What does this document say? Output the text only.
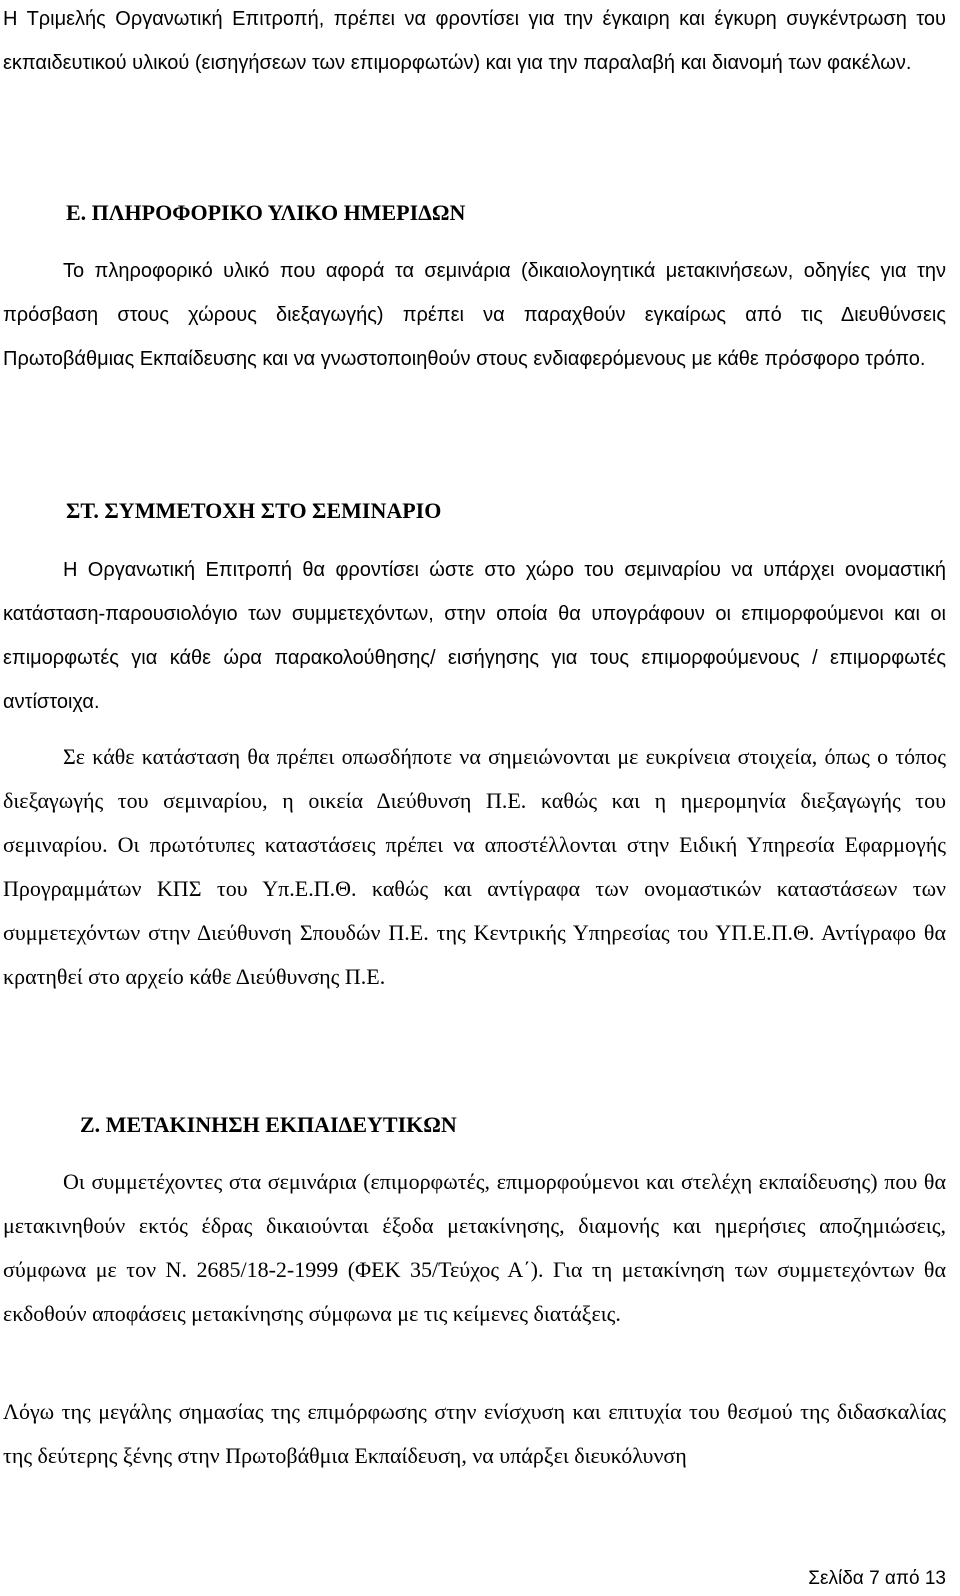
Η Τριμελής Οργανωτική Επιτροπή, πρέπει να φροντίσει για την έγκαιρη και έγκυρη συγκέντρωση του εκπαιδευτικού υλικού (εισηγήσεων των επιμορφωτών) και για την παραλαβή και διανομή των φακέλων.

Ε. ΠΛΗΡΟΦΟΡΙΚΟ ΥΛΙΚΟ ΗΜΕΡΙΔΩΝ

Το πληροφορικό υλικό που αφορά τα σεμινάρια (δικαιολογητικά μετακινήσεων, οδηγίες για την πρόσβαση στους χώρους διεξαγωγής) πρέπει να παραχθούν εγκαίρως από τις Διευθύνσεις Πρωτοβάθμιας Εκπαίδευσης και να γνωστοποιηθούν στους ενδιαφερόμενους με κάθε πρόσφορο τρόπο.

ΣΤ. ΣΥΜΜΕΤΟΧΗ ΣΤΟ ΣΕΜΙΝΑΡΙΟ

Η Οργανωτική Επιτροπή θα φροντίσει ώστε στο χώρο του σεμιναρίου να υπάρχει ονομαστική κατάσταση-παρουσιολόγιο των συμμετεχόντων, στην οποία θα υπογράφουν οι επιμορφούμενοι και οι επιμορφωτές για κάθε ώρα παρακολούθησης/ εισήγησης για τους επιμορφούμενους / επιμορφωτές αντίστοιχα.

Σε κάθε κατάσταση θα πρέπει οπωσδήποτε να σημειώνονται με ευκρίνεια στοιχεία, όπως ο τόπος διεξαγωγής του σεμιναρίου, η οικεία Διεύθυνση Π.Ε. καθώς και η ημερομηνία διεξαγωγής του σεμιναρίου. Οι πρωτότυπες καταστάσεις πρέπει να αποστέλλονται στην Ειδική Υπηρεσία Εφαρμογής Προγραμμάτων ΚΠΣ του Υπ.Ε.Π.Θ. καθώς και αντίγραφα των ονομαστικών καταστάσεων των συμμετεχόντων στην Διεύθυνση Σπουδών Π.Ε. της Κεντρικής Υπηρεσίας του ΥΠ.Ε.Π.Θ. Αντίγραφο θα κρατηθεί στο αρχείο κάθε Διεύθυνσης Π.Ε.

Ζ. ΜΕΤΑΚΙΝΗΣΗ ΕΚΠΑΙΔΕΥΤΙΚΩΝ

Οι συμμετέχοντες στα σεμινάρια (επιμορφωτές, επιμορφούμενοι και στελέχη εκπαίδευσης) που θα μετακινηθούν εκτός έδρας δικαιούνται έξοδα μετακίνησης, διαμονής και ημερήσιες αποζημιώσεις, σύμφωνα με τον Ν. 2685/18-2-1999 (ΦΕΚ 35/Τεύχος Α΄). Για τη μετακίνηση των συμμετεχόντων θα εκδοθούν αποφάσεις μετακίνησης σύμφωνα με τις κείμενες διατάξεις.

Λόγω της μεγάλης σημασίας της επιμόρφωσης στην ενίσχυση και επιτυχία του θεσμού της διδασκαλίας της δεύτερης ξένης στην Πρωτοβάθμια Εκπαίδευση, να υπάρξει διευκόλυνση

Σελίδα 7 από 13
